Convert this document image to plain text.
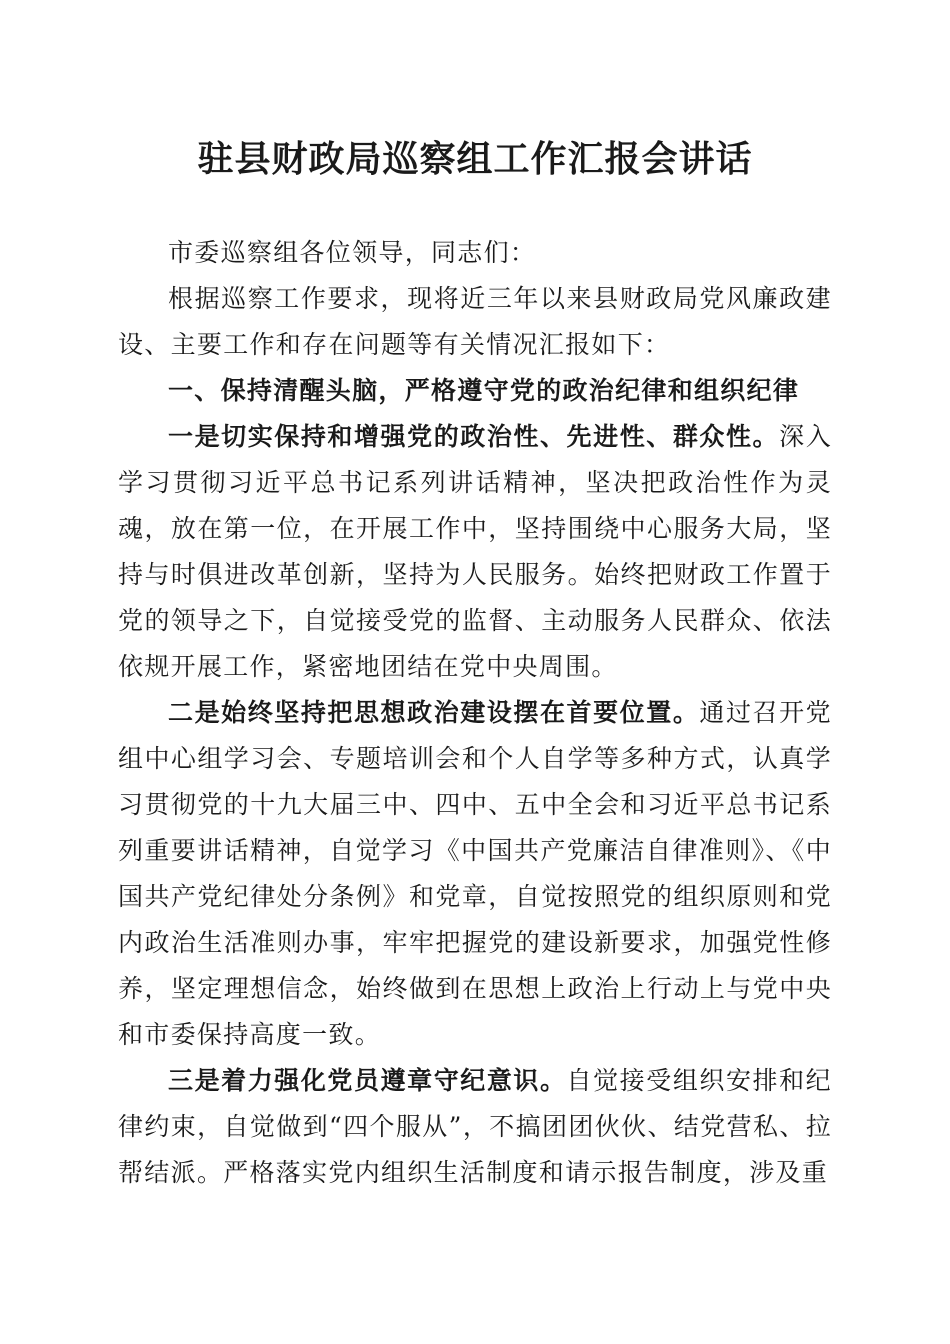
驻县财政局巡察组工作汇报会讲话

市委巡察组各位领导，同志们：

根据巡察工作要求，现将近三年以来县财政局党风廉政建设、主要工作和存在问题等有关情况汇报如下：

一、保持清醒头脑，严格遵守党的政治纪律和组织纪律

一是切实保持和增强党的政治性、先进性、群众性。深入学习贯彻习近平总书记系列讲话精神，坚决把政治性作为灵魂，放在第一位，在开展工作中，坚持围绕中心服务大局，坚持与时俱进改革创新，坚持为人民服务。始终把财政工作置于党的领导之下，自觉接受党的监督、主动服务人民群众、依法依规开展工作，紧密地团结在党中央周围。

二是始终坚持把思想政治建设摆在首要位置。通过召开党组中心组学习会、专题培训会和个人自学等多种方式，认真学习贯彻党的十九大届三中、四中、五中全会和习近平总书记系列重要讲话精神，自觉学习《中国共产党廉洁自律准则》、《中国共产党纪律处分条例》和党章，自觉按照党的组织原则和党内政治生活准则办事，牢牢把握党的建设新要求，加强党性修养，坚定理想信念，始终做到在思想上政治上行动上与党中央和市委保持高度一致。

三是着力强化党员遵章守纪意识。自觉接受组织安排和纪律约束，自觉做到“四个服从”，不搞团团伙伙、结党营私、拉帮结派。严格落实党内组织生活制度和请示报告制度，涉及重
